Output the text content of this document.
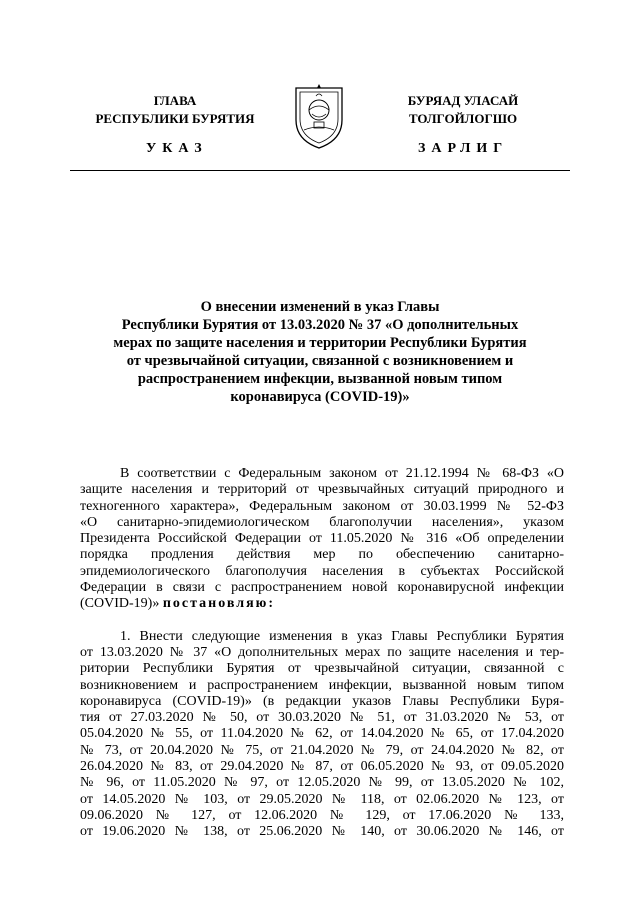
ГЛАВА
РЕСПУБЛИКИ БУРЯТИЯ
БУРЯАД УЛАСАЙ
ТОЛГОЙЛОГШО
УКАЗ	ЗАРЛИГ
О внесении изменений в указ Главы
Республики Бурятия от 13.03.2020 № 37 «О дополнительных
мерах по защите населения и территории Республики Бурятия
от чрезвычайной ситуации, связанной с возникновением и
распространением инфекции, вызванной новым типом
коронавируса (COVID-19)»
В соответствии с Федеральным законом от 21.12.1994 № 68-ФЗ «О
защите населения и территорий от чрезвычайных ситуаций природного и
техногенного характера», Федеральным законом от 30.03.1999 № 52-ФЗ
«О санитарно-эпидемиологическом благополучии населения», указом
Президента Российской Федерации от 11.05.2020 № 316 «Об определении
порядка продления действия мер по обеспечению санитарно-
эпидемиологического благополучия населения в субъектах Российской
Федерации в связи с распространением новой коронавирусной инфекции
(COVID-19)» постановляю:
1. Внести следующие изменения в указ Главы Республики Бурятия
от 13.03.2020 № 37 «О дополнительных мерах по защите населения и тер-
ритории Республики Бурятия от чрезвычайной ситуации, связанной с
возникновением и распространением инфекции, вызванной новым типом
коронавируса (COVID-19)» (в редакции указов Главы Республики Буря-
тия от 27.03.2020 № 50, от 30.03.2020 № 51, от 31.03.2020 № 53, от
05.04.2020 № 55, от 11.04.2020 № 62, от 14.04.2020 № 65, от 17.04.2020
№ 73, от 20.04.2020 № 75, от 21.04.2020 № 79, от 24.04.2020 № 82, от
26.04.2020 № 83, от 29.04.2020 № 87, от 06.05.2020 № 93, от 09.05.2020
№ 96, от 11.05.2020 № 97, от 12.05.2020 № 99, от 13.05.2020 № 102,
от 14.05.2020 № 103, от 29.05.2020 № 118, от 02.06.2020 № 123, от
09.06.2020 № 127, от 12.06.2020 № 129, от 17.06.2020 № 133,
от 19.06.2020 № 138, от 25.06.2020 № 140, от 30.06.2020 № 146, от
